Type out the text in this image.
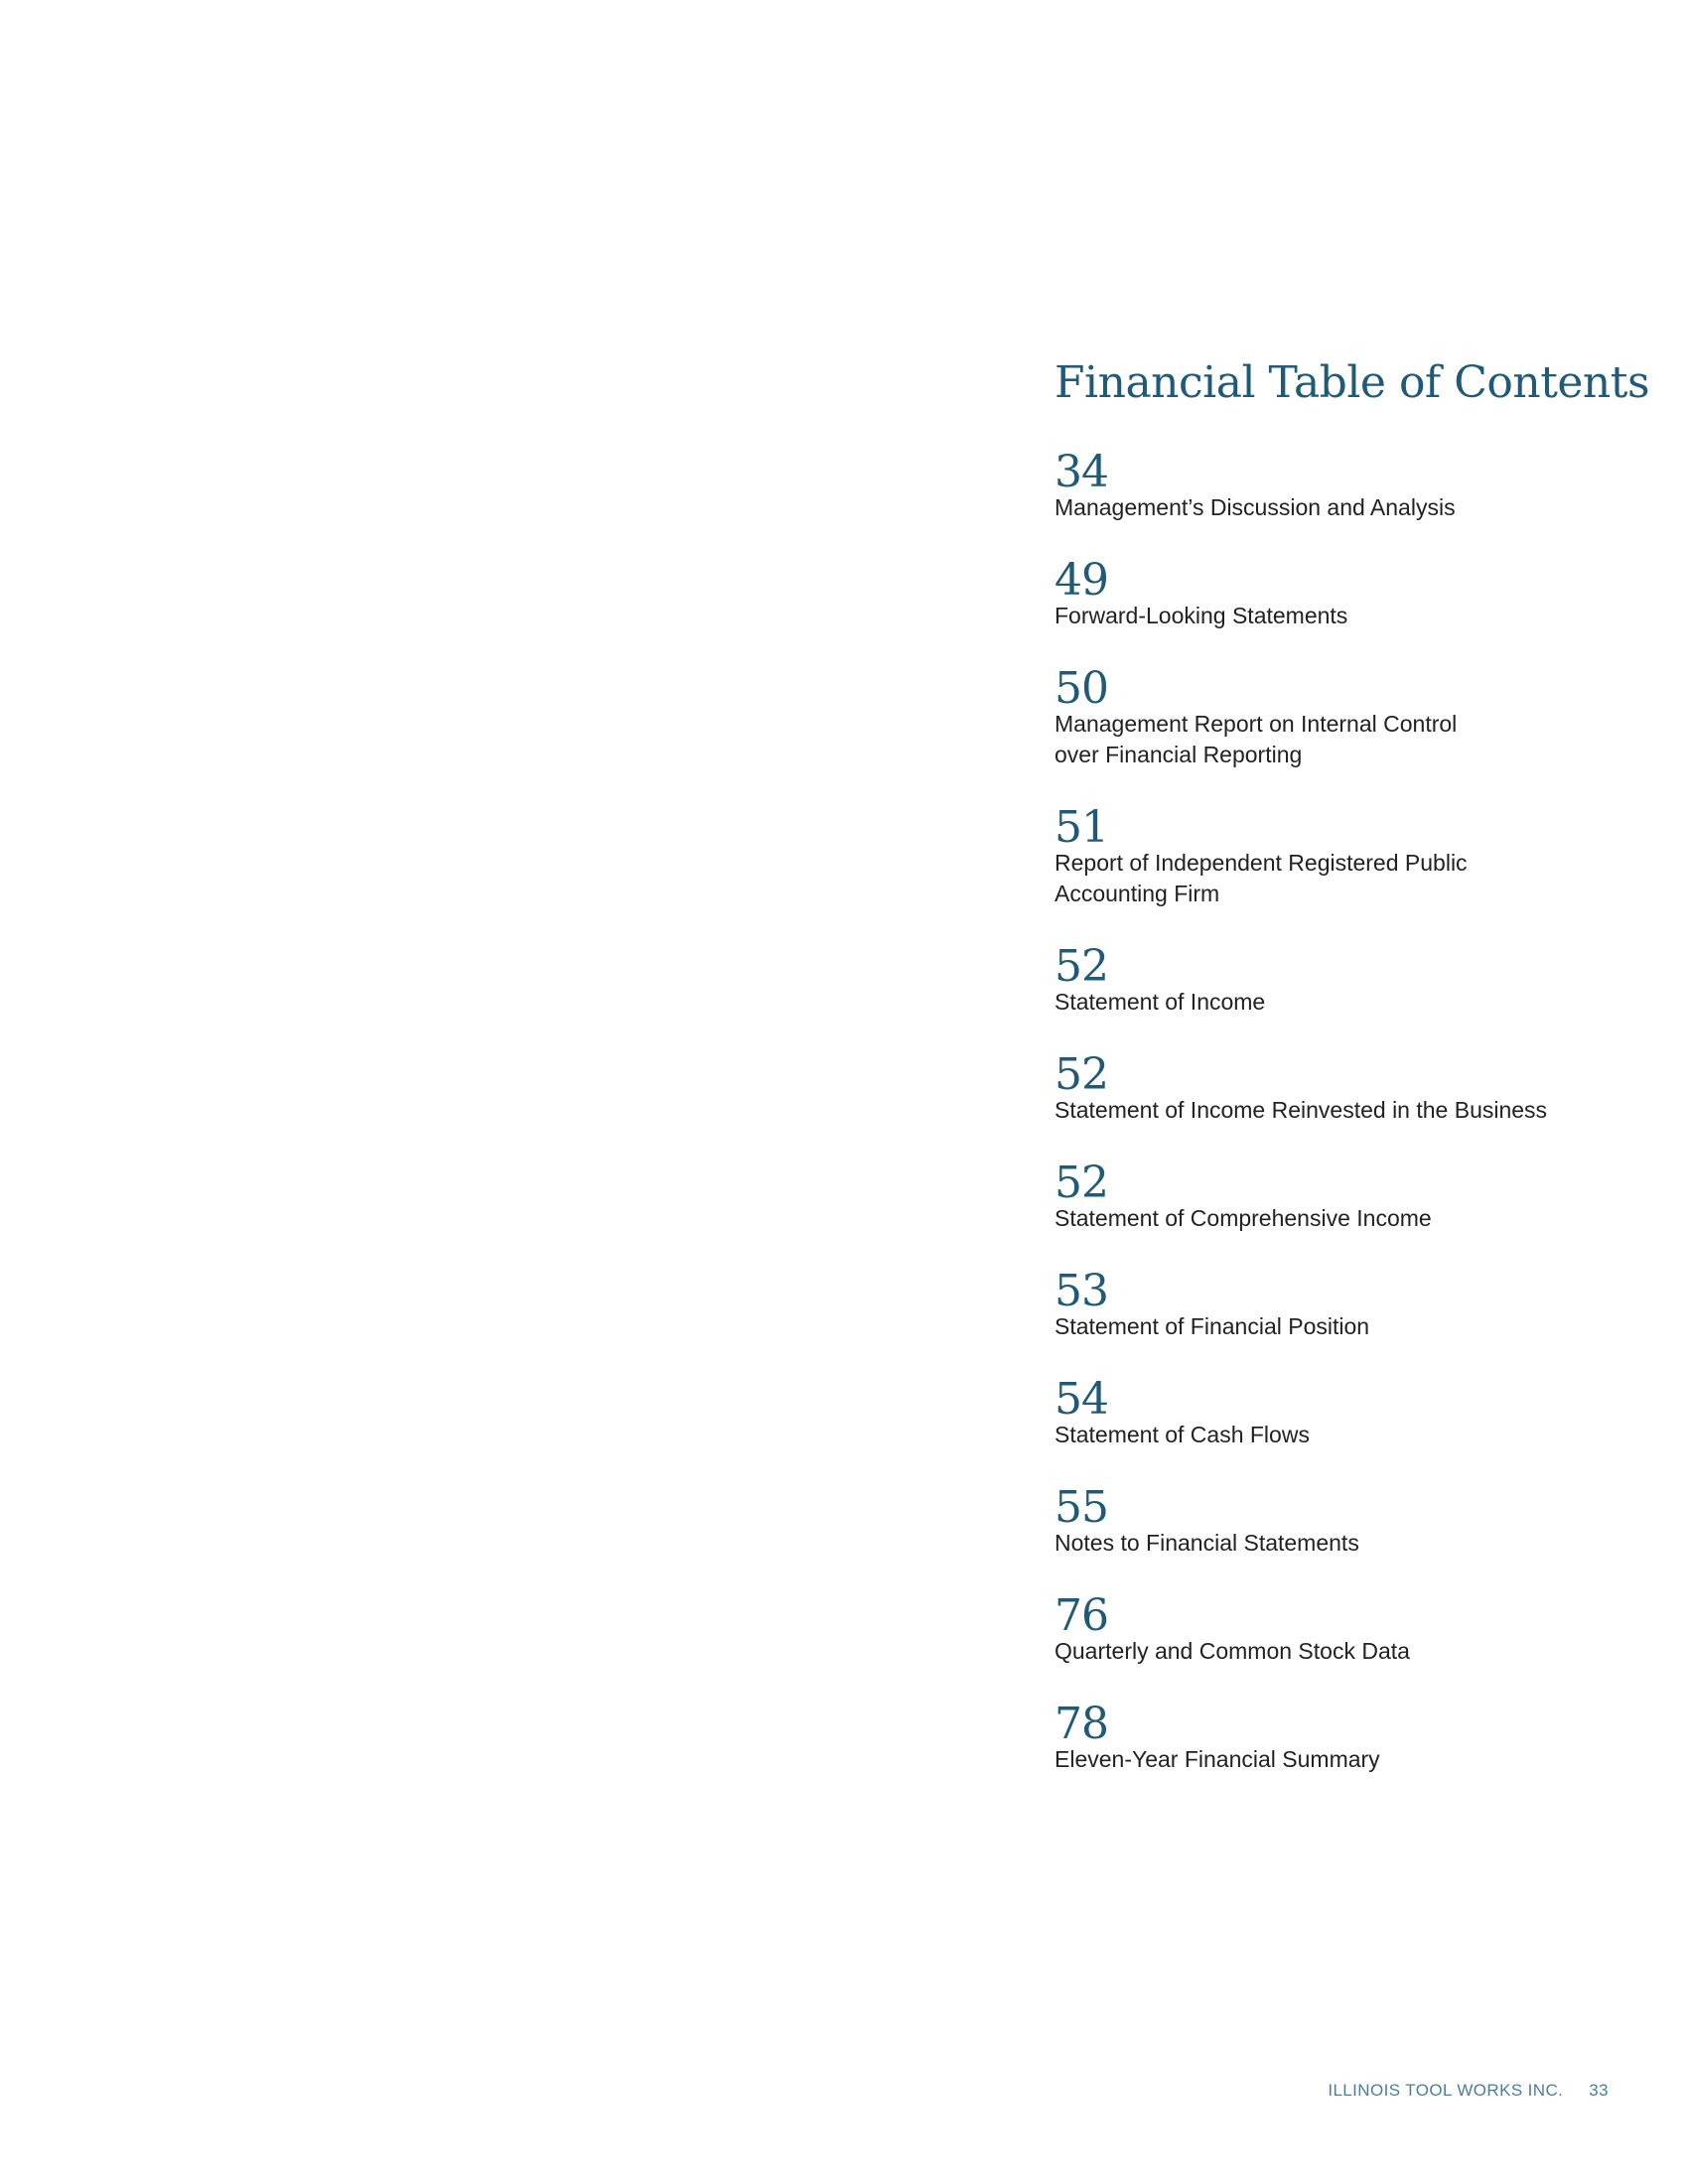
Financial Table of Contents
34
Management’s Discussion and Analysis
49
Forward-Looking Statements
50
Management Report on Internal Control
over Financial Reporting
51
Report of Independent Registered Public
Accounting Firm
52
Statement of Income
52
Statement of Income Reinvested in the Business
52
Statement of Comprehensive Income
53
Statement of Financial Position
54
Statement of Cash Flows
55
Notes to Financial Statements
76
Quarterly and Common Stock Data
78
Eleven-Year Financial Summary
ILLINOIS TOOL WORKS INC. 33
